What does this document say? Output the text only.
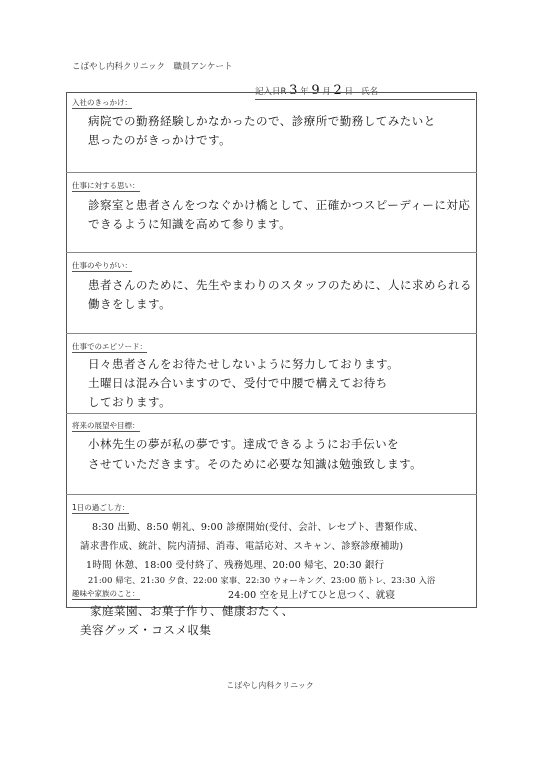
こばやし内科クリニック　職員アンケート
記入日R 3 年 9 月 2 日 氏名
入社のきっかけ：
病院での勤務経験しかなかったので、診療所で勤務してみたいと
思ったのがきっかけです。
仕事に対する思い：
診察室と患者さんをつなぐかけ橋として、正確かつスピーディーに対応
できるように知識を高めて参ります。
仕事のやりがい：
患者さんのために、先生やまわりのスタッフのために、人に求められる
働きをします。
仕事でのエピソード：
日々患者さんをお待たせしないように努力しております。
土曜日は混み合いますので、受付で中腰で構えてお待ち
しております。
将来の展望や目標：
小林先生の夢が私の夢です。達成できるようにお手伝いを
させていただきます。そのために必要な知識は勉強致します。
1日の過ごし方：
8:30 出勤、8:50 朝礼、9:00 診療開始(受付、会計、レセプト、書類作成、
請求書作成、統計、院内清掃、消毒、電話応対、スキャン、診察診療補助)
1時間 休憩、18:00 受付終了、残務処理、20:00 帰宅、20:30 銀行
21:00 帰宅、21:30 夕食、22:00 家事、22:30 ウォーキング、23:00 筋トレ、23:30 入浴
24:00 空を見上げてひと息つく、就寝
趣味や家族のこと：
家庭菜園、お菓子作り、健康おたく、
美容グッズ・コスメ収集
こばやし内科クリニック
